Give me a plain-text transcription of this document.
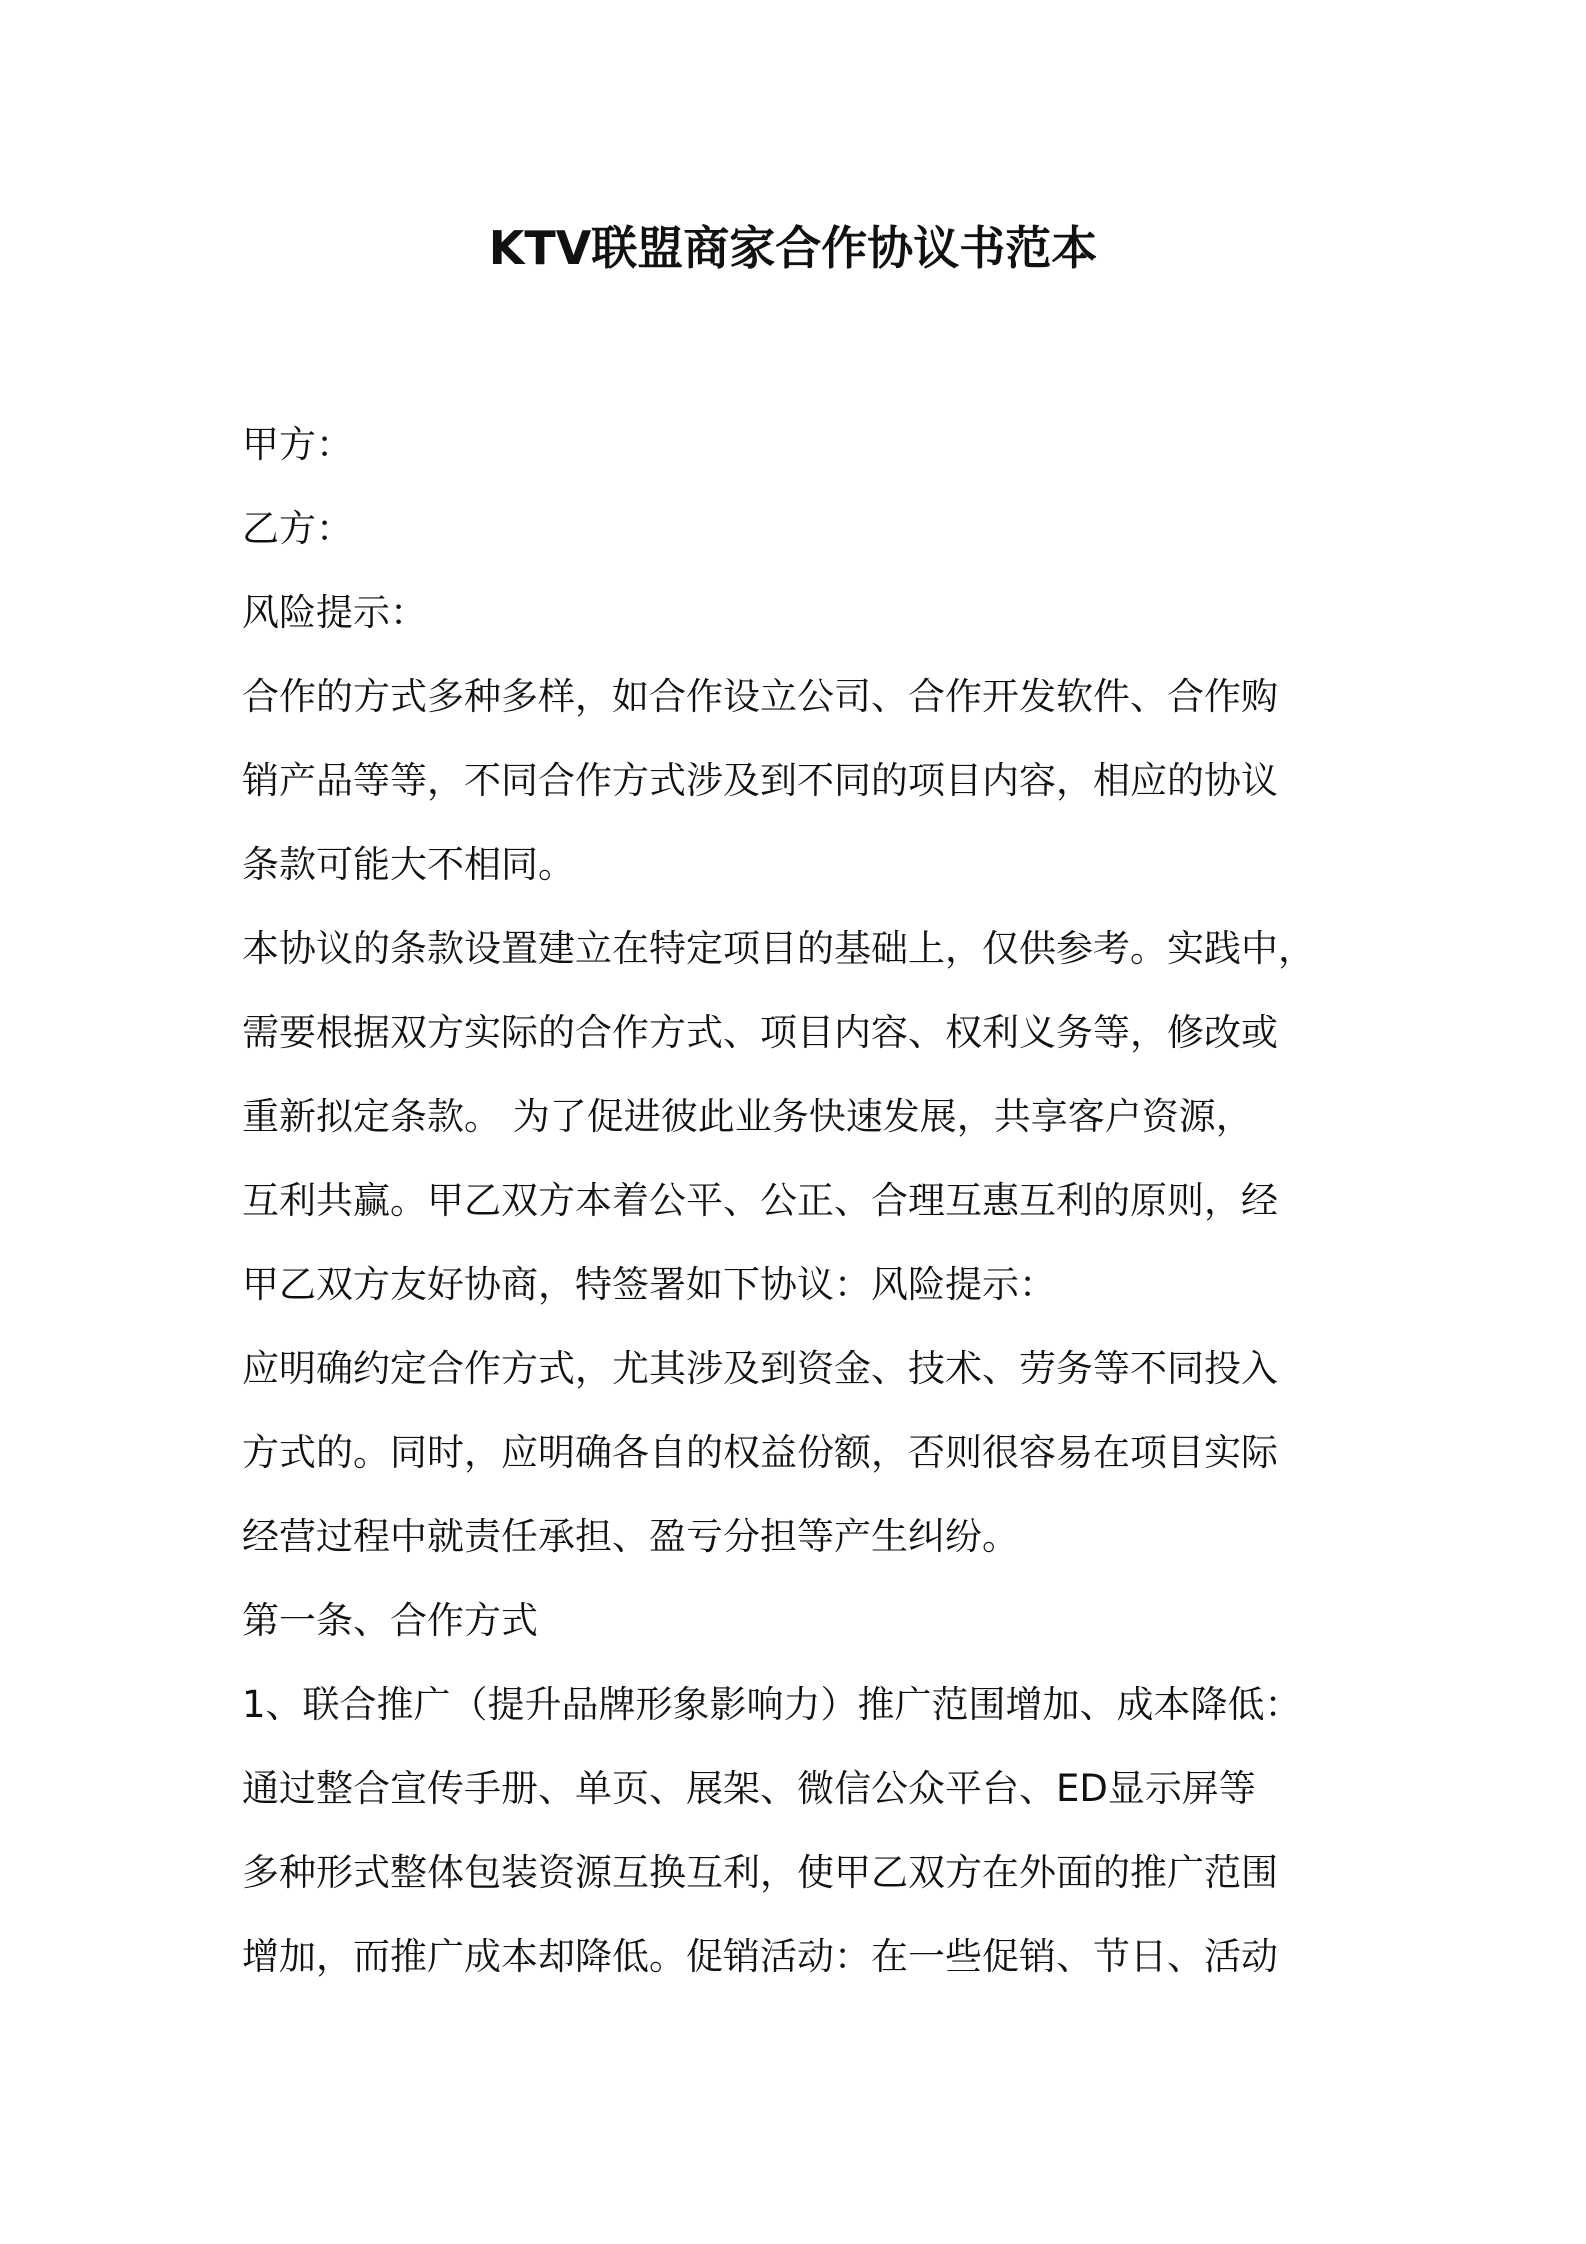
KTV联盟商家合作协议书范本
甲方：
乙方：
风险提示：
合作的方式多种多样，如合作设立公司、合作开发软件、合作购
销产品等等，不同合作方式涉及到不同的项目内容，相应的协议
条款可能大不相同。
本协议的条款设置建立在特定项目的基础上，仅供参考。实践中，
需要根据双方实际的合作方式、项目内容、权利义务等，修改或
重新拟定条款。 为了促进彼此业务快速发展，共享客户资源，
互利共赢。甲乙双方本着公平、公正、合理互惠互利的原则，经
甲乙双方友好协商，特签署如下协议：风险提示：
应明确约定合作方式，尤其涉及到资金、技术、劳务等不同投入
方式的。同时，应明确各自的权益份额，否则很容易在项目实际
经营过程中就责任承担、盈亏分担等产生纠纷。
第一条、合作方式
1、联合推广（提升品牌形象影响力）推广范围增加、成本降低：
通过整合宣传手册、单页、展架、微信公众平台、ED显示屏等
多种形式整体包装资源互换互利，使甲乙双方在外面的推广范围
增加，而推广成本却降低。促销活动：在一些促销、节日、活动
